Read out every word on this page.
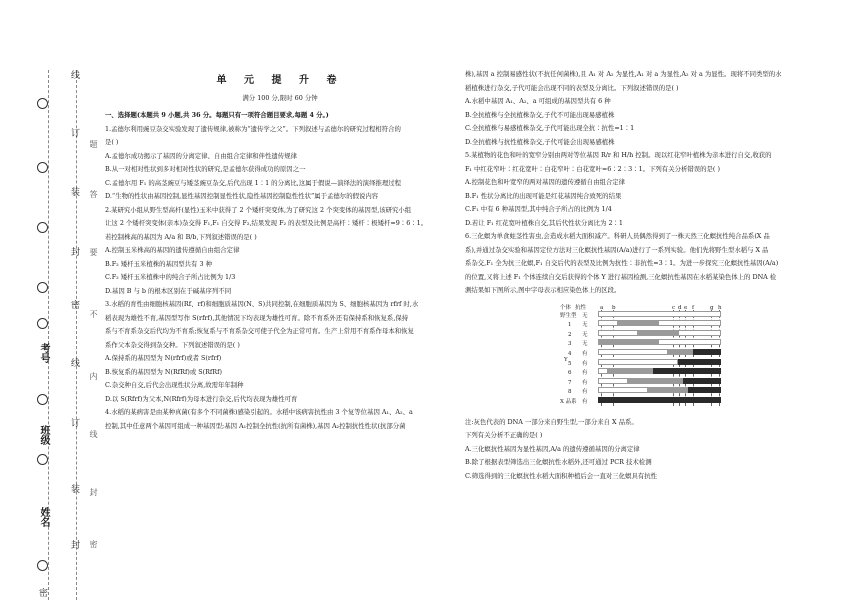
班级
姓名
考号
线
订
装
封
密
线
订
装
封
题
答
要
不
内
线
封
密
密
单 元 提 升 卷
满分 100 分,限时 60 分钟

一、选择题(本题共 9 小题,共 36 分。每题只有一项符合题目要求,每题 4 分。)

1.孟德尔利用豌豆杂交实验发现了遗传规律,被称为“遗传学之父”。下列叙述与孟德尔的研究过程相符合的

是( )

A.孟德尔成功揭示了基因的分离定律、自由组合定律和伴性遗传规律

B.从一对相对性状到多对相对性状的研究,是孟德尔获得成功的原因之一

C.孟德尔用 F₁ 的高茎豌豆与矮茎豌豆杂交,后代出现 1∶1 的分离比,这属于假说—演绎法的演绎推理过程

D.“生物的性状由基因控制,显性基因控制显性性状,隐性基因控制隐性性状”属于孟德尔的假说内容

2.某研究小组从野生型高杆(显性)玉米中获得了 2 个矮杆突变体,为了研究这 2 个突变体的基因型,该研究小组

让这 2 个矮杆突变体(亲本)杂交得 F₁,F₁ 自交得 F₂,结果发现 F₂ 的表型及比例是高杆∶矮杆∶极矮杆=9∶6∶1。

若控制株高的基因为 A/a 和 B/b,下列叙述错误的是( )

A.控制玉米株高的基因的遗传遵循自由组合定律

B.F₂ 矮杆玉米植株的基因型共有 3 种

C.F₂ 矮杆玉米植株中的纯合子所占比例为 1/3

D.基因 B 与 b 的根本区别在于碱基序列不同

3.水稻的育性由细胞核基因(Rf、rf)和细胞质基因(N、S)共同控制,在细胞质基因为 S、细胞核基因为 rfrf 时,水

稻表现为雄性不育,基因型写作 S(rfrf),其他情况下均表现为雄性可育。除不育系外还有保持系和恢复系,保持

系与不育系杂交后代均为不育系;恢复系与不育系杂交可使子代全为正常可育。生产上常用不育系作母本和恢复

系作父本杂交得到杂交种。下列叙述错误的是( )

A.保持系的基因型为 N(rfrf)或者 S(rfrf)

B.恢复系的基因型为 N(RfRf)或 S(RfRf)

C.杂交种自交,后代会出现性状分离,故需年年制种

D.以 S(Rfrf)为父本,N(Rfrf)为母本进行杂交,后代均表现为雄性可育

4.水稻的某病害是由某种真菌(有多个不同菌株)感染引起的。水稻中该病害抗性由 3 个复等位基因 A₁、A₂、a

控制,其中任意两个基因可组成一种基因型;基因 A₁控制全抗性(抗所有菌株),基因 A₂控制抗性性状(抗部分菌

株),基因 a 控制易感性状(不抗任何菌株),且 A₁ 对 A₂ 为显性,A₁ 对 a 为显性,A₂ 对 a 为显性。现将不同类型的水

稻植株进行杂交,子代可能会出现不同的表型及分离比。下列叙述错误的是( )

A.水稻中基因 A₁、A₂、a 可组成的基因型共有 6 种

B.全抗植株与全抗植株杂交,子代不可能出现易感植株

C.全抗植株与易感植株杂交,子代可能出现全抗∶抗性=1∶1

D.全抗植株与抗性植株杂交,子代可能会出现易感植株

5.某植物的花色和叶的宽窄分别由两对等位基因 R/r 和 H/h 控制。现以红花窄叶植株为亲本进行自交,收获的

F₁ 中红花窄叶∶红花宽叶∶白花窄叶∶白花宽叶=6∶2∶3∶1。下列有关分析错误的是( )

A.控制花色和叶宽窄的两对基因的遗传遵循自由组合定律

B.F₁ 性状分离比的出现可能是红花基因纯合致死的结果

C.F₁ 中有 6 种基因型,其中纯合子所占的比例为 1/4

D.若让 F₁ 红花宽叶植株自交,其后代性状分离比为 2∶1

6.三化螟为单食蛀茎性害虫,会造成水稻大面积减产。科研人员偶然得到了一株天然三化螟抗性纯合品系(X 品

系),并通过杂交实验和基因定位方法对三化螟抗性基因(A/a)进行了一系列实验。他们先将野生型水稻与 X 品

系杂交,F₁ 全为抗三化螟,F₁ 自交后代的表型及比例为抗性∶非抗性=3∶1。为进一步探究三化螟抗性基因(A/a)

的位置,又将上述 F₁ 个体连续自交后获得的个体 Y 进行基因检测,三化螟抗性基因在水稻某染色体上的 DNA 检

测结果如下图所示,图中字母表示相应染色体上的区段。

个体 抗性	a b	c d e f	g h
Y
野生型 无
1 无
2 无
3 无
4 有
5 有
6 有
7 有
8 有
X 品系 有

注:灰色代表的 DNA 一部分来自野生型,一部分来自 X 品系。

下列有关分析不正确的是( )

A.三化螟抗性基因为显性基因,A/a 的遗传遵循基因的分离定律

B.除了根据表型筛选出三化螟抗性水稻外,还可通过 PCR 技术检测

C.筛选得到的三化螟抗性水稻大面积种植后会一直对三化螟具有抗性
